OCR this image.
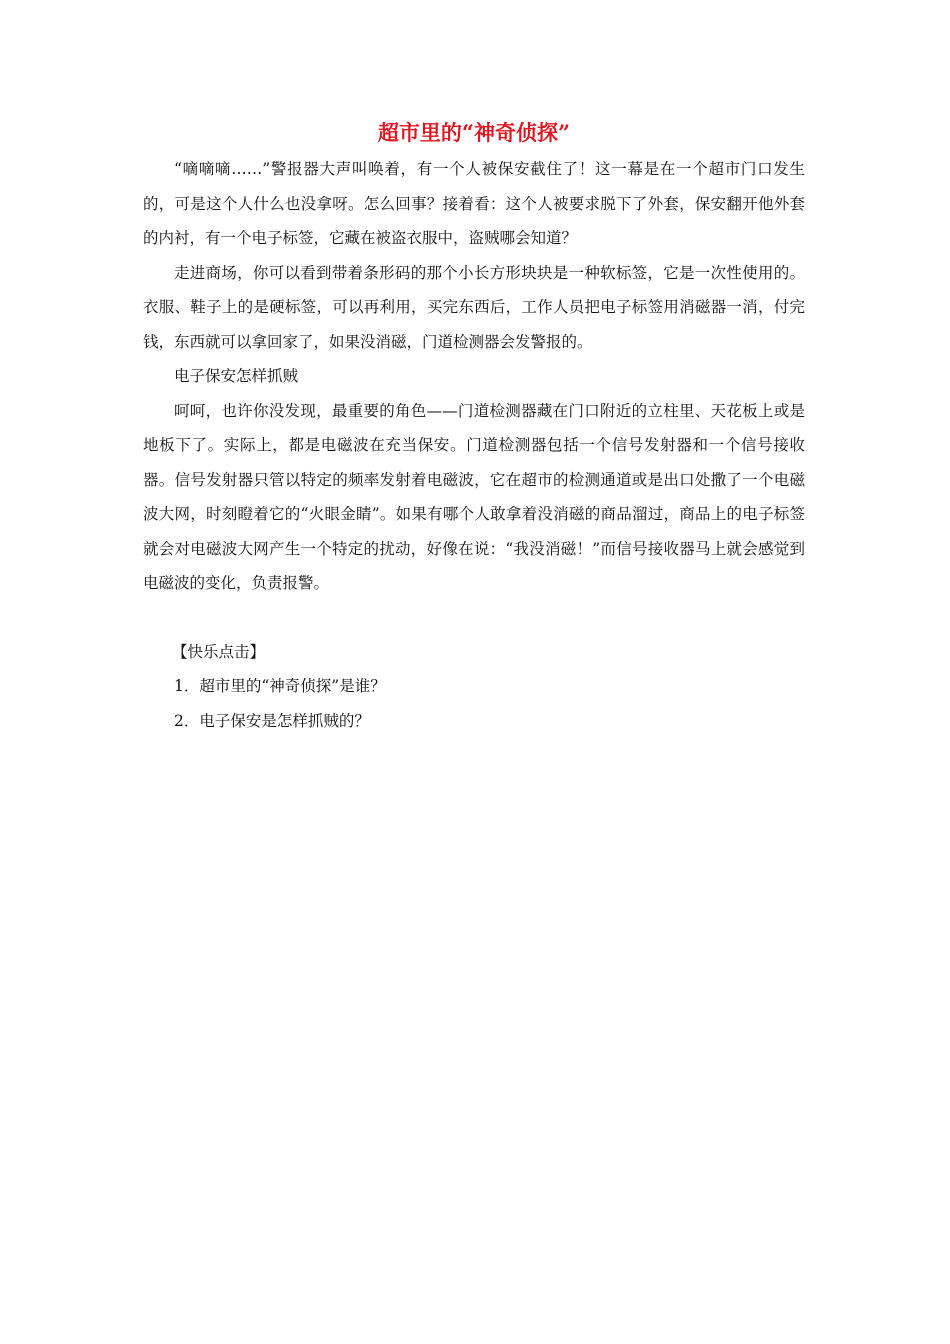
超市里的“神奇侦探”

“嘀嘀嘀……”警报器大声叫唤着，有一个人被保安截住了！这一幕是在一个超市门口发生的，可是这个人什么也没拿呀。怎么回事？接着看：这个人被要求脱下了外套，保安翻开他外套的内衬，有一个电子标签，它藏在被盗衣服中，盗贼哪会知道？

走进商场，你可以看到带着条形码的那个小长方形块块是一种软标签，它是一次性使用的。衣服、鞋子上的是硬标签，可以再利用，买完东西后，工作人员把电子标签用消磁器一消，付完钱，东西就可以拿回家了，如果没消磁，门道检测器会发警报的。

电子保安怎样抓贼

呵呵，也许你没发现，最重要的角色——门道检测器藏在门口附近的立柱里、天花板上或是地板下了。实际上，都是电磁波在充当保安。门道检测器包括一个信号发射器和一个信号接收器。信号发射器只管以特定的频率发射着电磁波，它在超市的检测通道或是出口处撒了一个电磁波大网，时刻瞪着它的“火眼金睛”。如果有哪个人敢拿着没消磁的商品溜过，商品上的电子标签就会对电磁波大网产生一个特定的扰动，好像在说：“我没消磁！”而信号接收器马上就会感觉到电磁波的变化，负责报警。

【快乐点击】

1．超市里的“神奇侦探”是谁？
2．电子保安是怎样抓贼的？
